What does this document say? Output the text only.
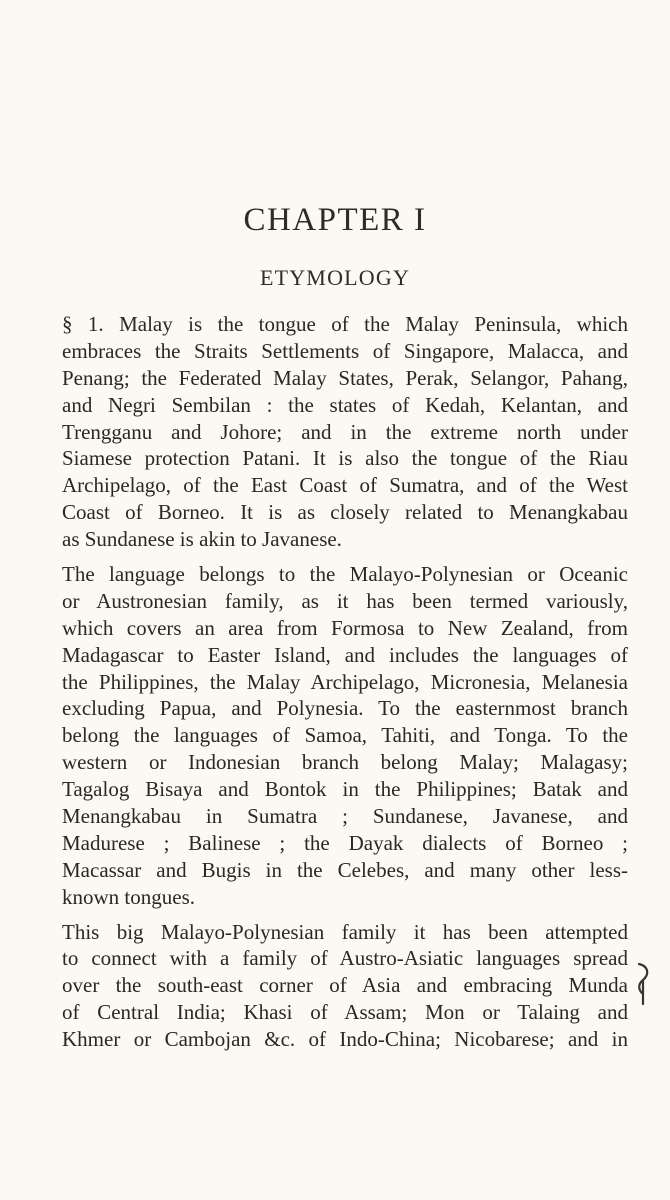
CHAPTER I
ETYMOLOGY
§ 1. Malay is the tongue of the Malay Peninsula, which
embraces the Straits Settlements of Singapore, Malacca, and
Penang; the Federated Malay States, Perak, Selangor, Pahang,
and Negri Sembilan : the states of Kedah, Kelantan, and
Trengganu and Johore; and in the extreme north under
Siamese protection Patani. It is also the tongue of the Riau
Archipelago, of the East Coast of Sumatra, and of the West
Coast of Borneo. It is as closely related to Menangkabau
as Sundanese is akin to Javanese.
The language belongs to the Malayo-Polynesian or Oceanic
or Austronesian family, as it has been termed variously,
which covers an area from Formosa to New Zealand, from
Madagascar to Easter Island, and includes the languages of
the Philippines, the Malay Archipelago, Micronesia, Melanesia
excluding Papua, and Polynesia. To the easternmost branch
belong the languages of Samoa, Tahiti, and Tonga. To the
western or Indonesian branch belong Malay; Malagasy;
Tagalog Bisaya and Bontok in the Philippines; Batak and
Menangkabau in Sumatra ; Sundanese, Javanese, and
Madurese ; Balinese ; the Dayak dialects of Borneo ;
Macassar and Bugis in the Celebes, and many other less-
known tongues.
This big Malayo-Polynesian family it has been attempted
to connect with a family of Austro-Asiatic languages spread
over the south-east corner of Asia and embracing Munda
of Central India; Khasi of Assam; Mon or Talaing and
Khmer or Cambojan &c. of Indo-China; Nicobarese; and in
